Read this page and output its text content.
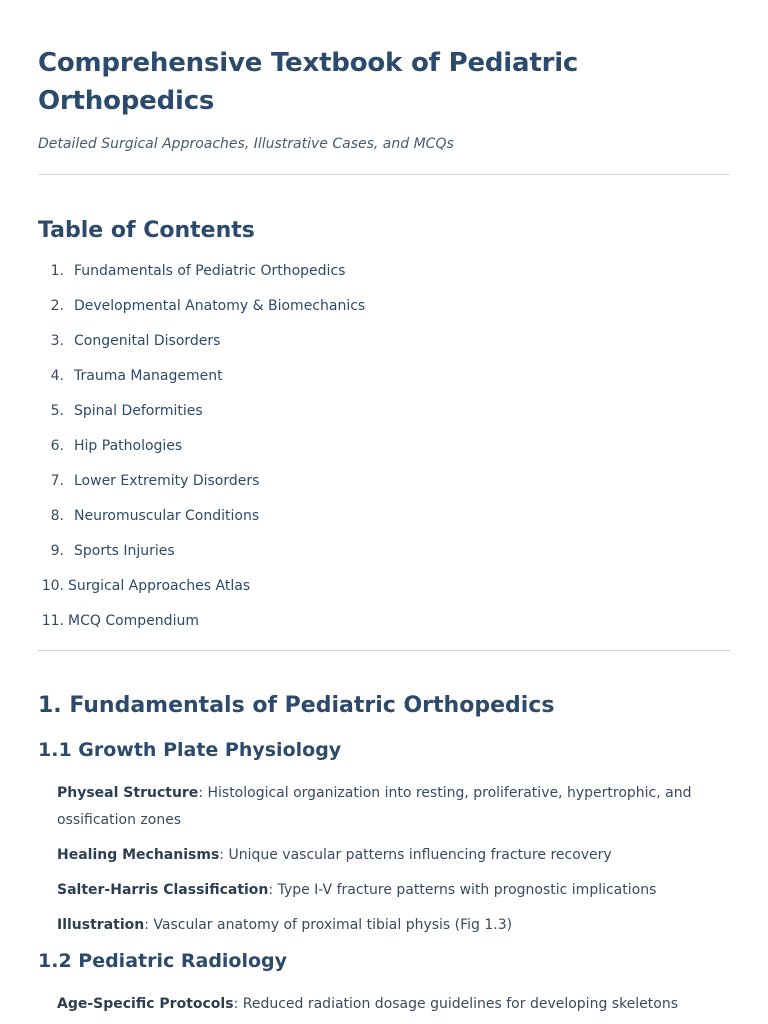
Comprehensive Textbook of Pediatric Orthopedics

Detailed Surgical Approaches, Illustrative Cases, and MCQs

Table of Contents
1. Fundamentals of Pediatric Orthopedics
2. Developmental Anatomy & Biomechanics
3. Congenital Disorders
4. Trauma Management
5. Spinal Deformities
6. Hip Pathologies
7. Lower Extremity Disorders
8. Neuromuscular Conditions
9. Sports Injuries
10. Surgical Approaches Atlas
11. MCQ Compendium
1. Fundamentals of Pediatric Orthopedics
1.1 Growth Plate Physiology
Physeal Structure: Histological organization into resting, proliferative, hypertrophic, and ossification zones
Healing Mechanisms: Unique vascular patterns influencing fracture recovery
Salter-Harris Classification: Type I-V fracture patterns with prognostic implications
Illustration: Vascular anatomy of proximal tibial physis (Fig 1.3)
1.2 Pediatric Radiology
Age-Specific Protocols: Reduced radiation dosage guidelines for developing skeletons
